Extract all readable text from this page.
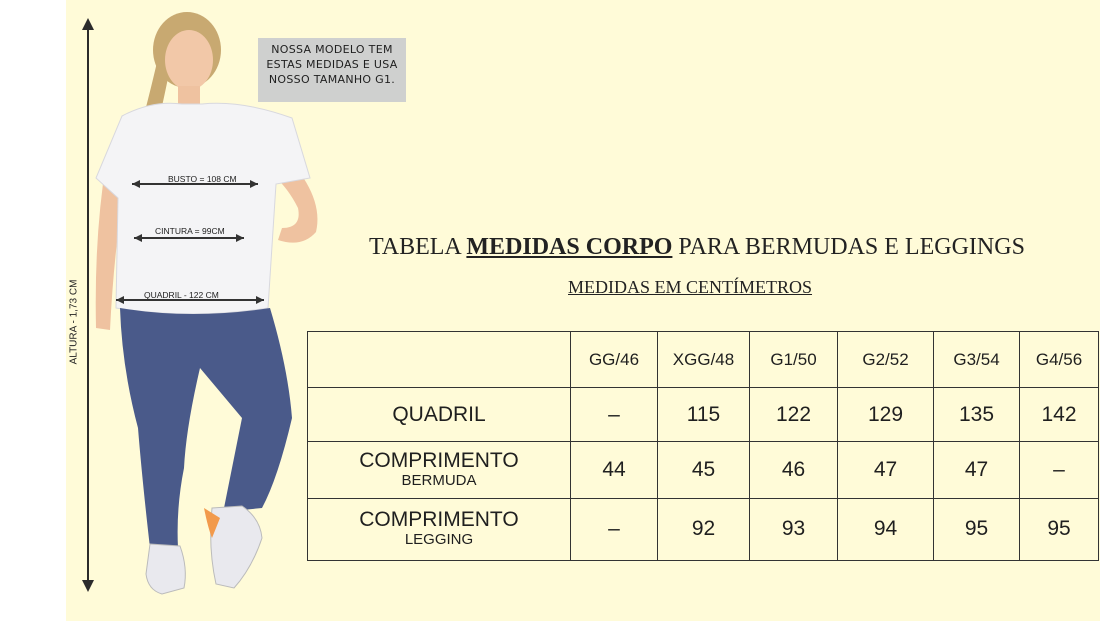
ALTURA - 1,73 CM
BUSTO = 108 CM
CINTURA = 99CM
QUADRIL - 122 CM
NOSSA MODELO TEM
ESTAS MEDIDAS E USA
NOSSO TAMANHO G1.
TABELA MEDIDAS CORPO PARA BERMUDAS E LEGGINGS
MEDIDAS EM CENTÍMETROS
	GG/46	XGG/48	G1/50	G2/52	G3/54	G4/56

QUADRIL	–	115	122	129	135	142

COMPRIMENTO
BERMUDA	44	45	46	47	47	–

COMPRIMENTO
LEGGING	–	92	93	94	95	95
